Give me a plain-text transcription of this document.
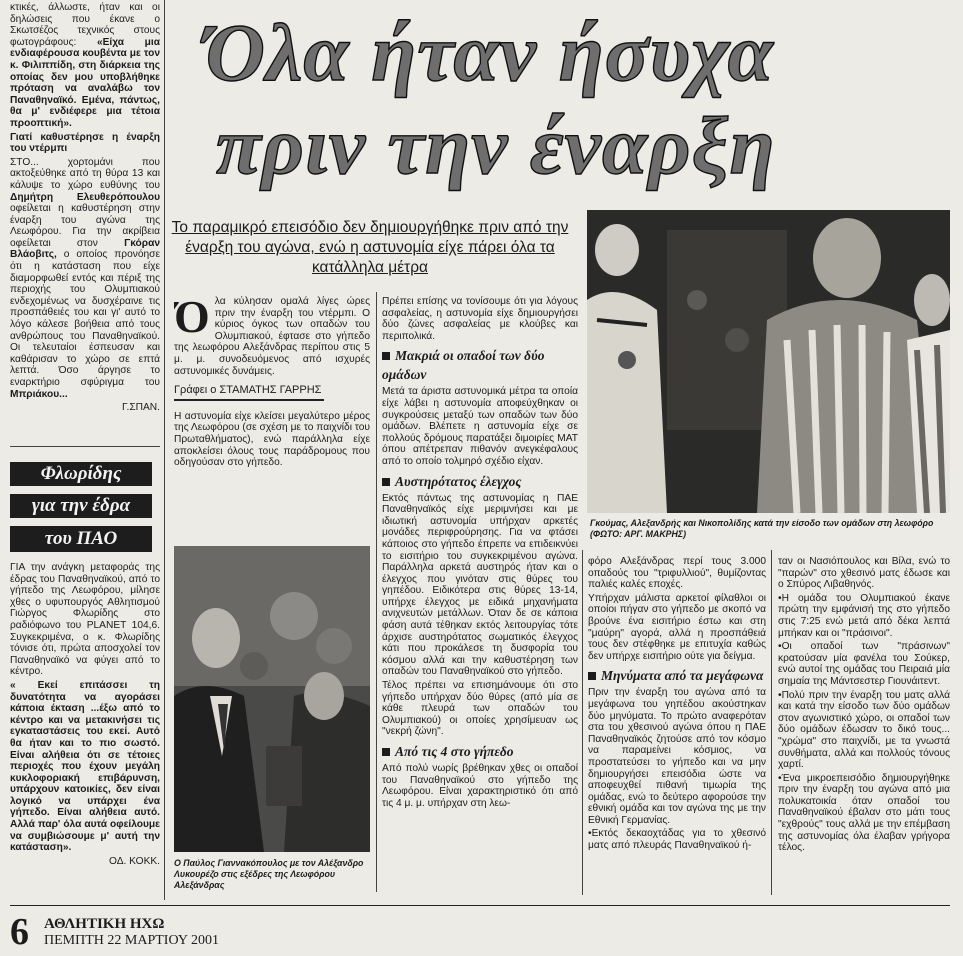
κτικές, άλλωστε, ήταν και οι δηλώσεις που έκανε ο Σκωτσέζος τεχνικός στους φωτογράφους: «Είχα μια ενδιαφέρουσα κουβέντα με τον κ. Φιλιππίδη, στη διάρκεια της οποίας δεν μου υποβλήθηκε πρόταση να αναλάβω τον Παναθηναϊκό. Εμένα, πάντως, θα μ' ενδιέφερε μια τέτοια προοπτική».

Γιατί καθυστέρησε η έναρξη του ντέρμπι

ΣΤΟ... χορτομάνι που ακτοξεύθηκε από τη θύρα 13 και κάλυψε το χώρο ευθύνης του Δημήτρη Ελευθερόπουλου οφείλεται η καθυστέρηση στην έναρξη του αγώνα της Λεωφόρου. Για την ακρίβεια οφείλεται στον	Γκόραν Βλάοβιτς, ο οποίος προνόησε ότι η κατάσταση που είχε διαμορφωθεί εντός και πέριξ της περιοχής του Ολυμπιακού ενδεχομένως να δυσχέραινε τις προσπάθειές του και γι' αυτό το λόγο κάλεσε βοήθεια από τους ανθρώπους του Παναθηναϊκού. Οι τελευταίοι έσπευσαν και καθάρισαν το χώρο σε επτά λεπτά. Όσο άργησε το εναρκτήριο σφύριγμα του Μπριάκου...

Γ.ΣΠΑΝ.

Φλωρίδης
για την έδρα
του ΠΑΟ

ΓΙΑ την ανάγκη μεταφοράς της έδρας του Παναθηναϊκού, από το γήπεδο της Λεωφόρου, μίλησε χθες ο υφυπουργός Αθλητισμού Γιώργος Φλωρίδης στο ραδιόφωνο του PLANET 104,6. Συγκεκριμένα, ο κ. Φλωρίδης τόνισε ότι, πρώτα αποσχολεί τον Παναθηναϊκό να φύγει από το κέντρο.

« Εκεί επιτάσσει τη δυνατότητα να αγοράσει κάποια έκταση ...έξω από το κέντρο και να μετακινήσει τις εγκαταστάσεις του εκεί. Αυτό θα ήταν και το πιο σωστό. Είναι αλήθεια ότι σε τέτοιες περιοχές που έχουν μεγάλη κυκλοφοριακή επιβάρυνση, υπάρχουν κατοικίες, δεν είναι λογικό να υπάρχει ένα γήπεδο. Είναι αλήθεια αυτό. Αλλά παρ' όλα αυτά οφείλουμε να συμβιώσουμε μ' αυτή την κατάσταση».

ΟΔ. ΚΟΚΚ.

Όλα ήταν ήσυχα
πριν την έναρξη
Το παραμικρό επεισόδιο δεν δημιουργήθηκε πριν από την έναρξη του αγώνα, ενώ η αστυνομία είχε πάρει όλα τα κατάλληλα μέτρα

Όλα κύλησαν ομαλά λίγες ώρες πριν την έναρξη του ντέρμπι. Ο κύριος όγκος των οπαδών του Ολυμπιακού, έφτασε στο γήπεδο της λεωφόρου Αλεξάνδρας περίπου στις 5 μ. μ. συνοδευόμενος από ισχυρές αστυνομικές δυνάμεις.

Γράφει ο ΣΤΑΜΑΤΗΣ ΓΑΡΡΗΣ

Η αστυνομία είχε κλείσει μεγαλύτερο μέρος της Λεωφόρου (σε σχέση με το παιχνίδι του Πρωταθλήματος), ενώ παράλληλα είχε αποκλείσει όλους τους παράδρομους που οδηγούσαν στο γήπεδο.

Ο Παύλος Γιαννακόπουλος με τον Αλέξανδρο Λυκουρέζο στις εξέδρες της Λεωφόρου Αλεξάνδρας

Πρέπει επίσης να τονίσουμε ότι για λόγους ασφαλείας, η αστυνομία είχε δημιουργήσει δύο ζώνες ασφαλείας με κλούβες και περιπολικά.

Μακριά οι οπαδοί των δύο ομάδων

Μετά τα άριστα αστυνομικά μέτρα τα οποία είχε λάβει η αστυνομία αποφεύχθηκαν οι συγκρούσεις μεταξύ των οπαδών των δύο ομάδων. Βλέπετε η αστυνομία είχε σε πολλούς δρόμους παρατάξει διμοιρίες ΜΑΤ όπου απέτρεπαν πιθανόν ανεγκέφαλους από το οποίο τολμηρό σχέδιο είχαν.

Αυστηρότατος έλεγχος

Εκτός πάντως της αστυνομίας η ΠΑΕ Παναθηναϊκός είχε μεριμνήσει και με ιδιωτική αστυνομία υπήρχαν αρκετές μονάδες περιφρούρησης. Για να φτάσει κάποιος στο γήπεδο έπρεπε να επιδεικνύει το εισιτήριο του συγκεκριμένου αγώνα. Παράλληλα αρκετά αυστηρός ήταν και ο έλεγχος που γινόταν στις θύρες του γηπέδου. Ειδικότερα στις θύρες 13-14, υπήρχε έλεγχος με ειδικά μηχανήματα ανιχνευτών μετάλλων. Όταν δε σε κάποια φάση αυτά τέθηκαν εκτός λειτουργίας τότε άρχισε αυστηρότατος σωματικός έλεγχος κάτι που προκάλεσε τη δυσφορία του κόσμου αλλά και την καθυστέρηση των οπαδών του Παναθηναϊκού στο γήπεδο.

Τέλος πρέπει να επισημάνουμε ότι στο γήπεδο υπήρχαν δύο θύρες (από μία σε κάθε πλευρά των οπαδών του Ολυμπιακού) οι οποίες χρησίμευαν ως "νεκρή ζώνη".

Από τις 4 στο γήπεδο

Από πολύ νωρίς βρέθηκαν χθες οι οπαδοί του Παναθηναϊκού στο γήπεδο της Λεωφόρου. Είναι χαρακτηριστικό ότι από τις 4 μ. μ. υπήρχαν στη λεω-

Γκούμας, Αλεξανδρής και Νικοπολίδης κατά την είσοδο των ομάδων στη λεωφόρο (ΦΩΤΟ: ΑΡΓ. ΜΑΚΡΗΣ)

φόρο Αλεξάνδρας περί τους 3.000 οπαδούς του "τριφυλλιού", θυμίζοντας παλιές καλές εποχές.

Υπήρχαν μάλιστα αρκετοί φίλαθλοι οι οποίοι πήγαν στο γήπεδο με σκοπό να βρούνε ένα εισιτήριο έστω και στη "μαύρη" αγορά, αλλά η προσπάθειά τους δεν στέφθηκε με επιτυχία καθώς δεν υπήρχε εισιτήριο ούτε για δείγμα.

Μηνύματα από τα μεγάφωνα

Πριν την έναρξη του αγώνα από τα μεγάφωνα του γηπέδου ακούστηκαν δύο μηνύματα. Το πρώτο αναφερόταν στα του χθεσινού αγώνα όπου η ΠΑΕ Παναθηναϊκός ζητούσε από τον κόσμο να παραμείνει κόσμιος, να προστατεύσει το γήπεδο και να μην δημιουργήσει επεισόδια ώστε να αποφευχθεί πιθανή τιμωρία της ομάδας, ενώ το δεύτερο αφορούσε την εθνική ομάδα και τον αγώνα της με την Εθνική Γερμανίας.

•Εκτός δεκαοχτάδας για το χθεσινό ματς από πλευράς Παναθηναϊκού ή-

ταν οι Νασιόπουλος και Βίλα, ενώ το "παρών" στο χθεσινό ματς έδωσε και ο Σπύρος Λιβαθηνός.

•Η ομάδα του Ολυμπιακού έκανε πρώτη την εμφάνισή της στο γήπεδο στις 7:25 ενώ μετά από δέκα λεπτά μπήκαν και οι "πράσινοι".

•Οι οπαδοί των "πράσινων" κρατούσαν μία φανέλα του Σούκερ, ενώ αυτοί της ομάδας του Πειραιά μία σημαία της Μάντσεστερ Γιουνάιτεντ.

•Πολύ πριν την έναρξη του ματς αλλά και κατά την είσοδο των δύο ομάδων στον αγωνιστικό χώρο, οι οπαδοί των δύο ομάδων έδωσαν το δικό τους... "χρώμα" στο παιχνίδι, με τα γνωστά συνθήματα, αλλά και πολλούς τόνους χαρτί.

•Ένα μικροεπεισόδιο δημιουργήθηκε πριν την έναρξη του αγώνα από μια πολυκατοικία όταν οπαδοί του Παναθηναϊκού έβαλαν στο μάτι τους "εχθρούς" τους αλλά με την επέμβαση της αστυνομίας όλα έλαβαν γρήγορα τέλος.

6 ΑΘΛΗΤΙΚΗ ΗΧΩ
ΠΕΜΠΤΗ 22 ΜΑΡΤΙΟΥ 2001
